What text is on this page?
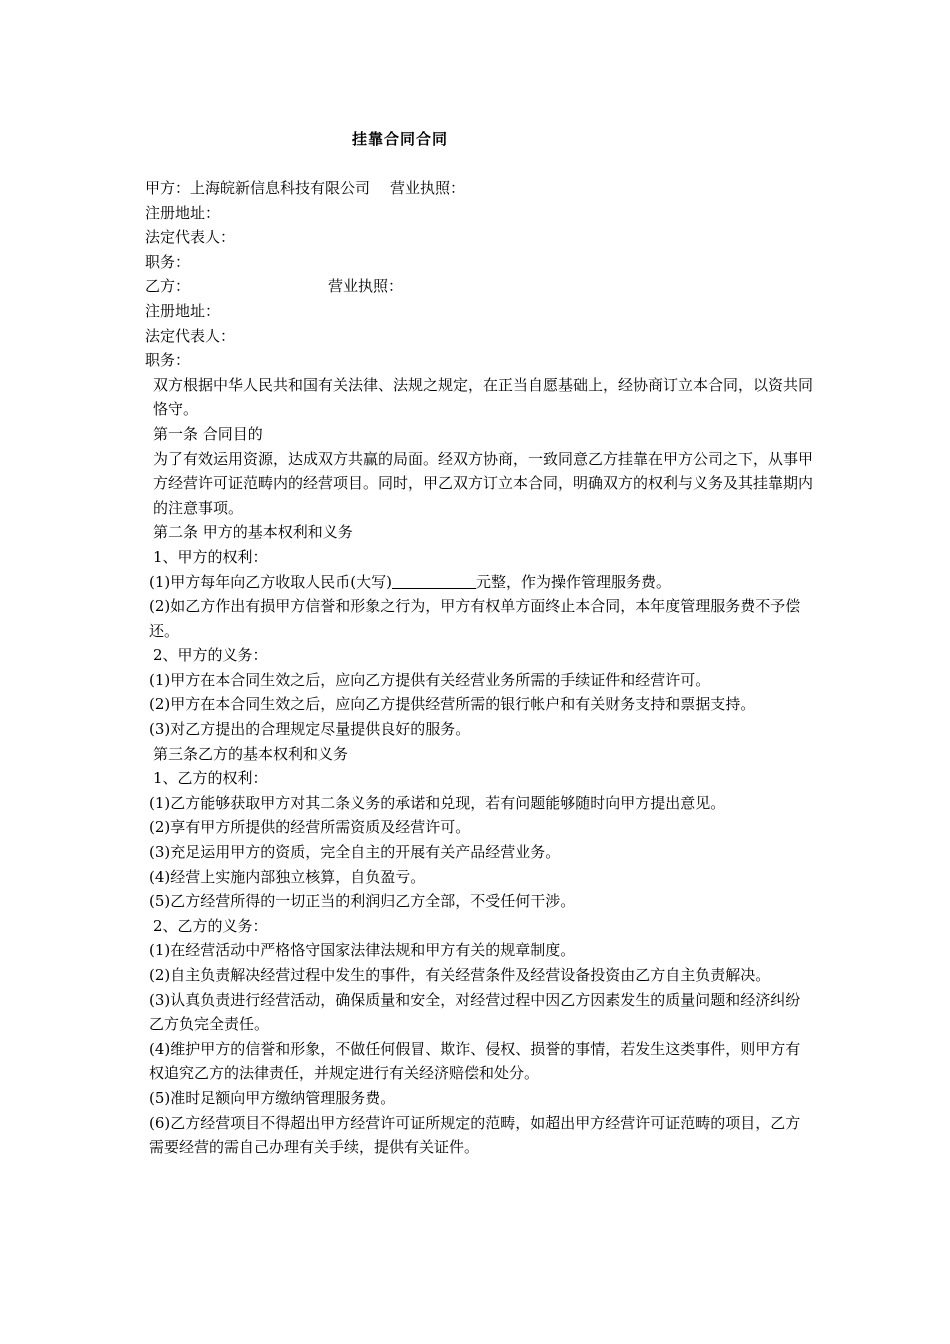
挂靠合同合同
甲方：上海皖新信息科技有限公司 营业执照：
注册地址：
法定代表人：
职务：
乙方：	营业执照：
注册地址：
法定代表人：
职务：
双方根据中华人民共和国有关法律、法规之规定，在正当自愿基础上，经协商订立本合同，以资共同恪守。
第一条 合同目的
为了有效运用资源，达成双方共赢的局面。经双方协商，一致同意乙方挂靠在甲方公司之下，从事甲方经营许可证范畴内的经营项目。同时，甲乙双方订立本合同，明确双方的权利与义务及其挂靠期内的注意事项。
第二条 甲方的基本权利和义务
1、甲方的权利：
(1)甲方每年向乙方收取人民币(大写)	元整，作为操作管理服务费。
(2)如乙方作出有损甲方信誉和形象之行为，甲方有权单方面终止本合同，本年度管理服务费不予偿还。
2、甲方的义务：
(1)甲方在本合同生效之后，应向乙方提供有关经营业务所需的手续证件和经营许可。
(2)甲方在本合同生效之后，应向乙方提供经营所需的银行帐户和有关财务支持和票据支持。
(3)对乙方提出的合理规定尽量提供良好的服务。
第三条乙方的基本权利和义务
1、乙方的权利：
(1)乙方能够获取甲方对其二条义务的承诺和兑现，若有问题能够随时向甲方提出意见。
(2)享有甲方所提供的经营所需资质及经营许可。
(3)充足运用甲方的资质，完全自主的开展有关产品经营业务。
(4)经营上实施内部独立核算，自负盈亏。
(5)乙方经营所得的一切正当的利润归乙方全部，不受任何干涉。
2、乙方的义务：
(1)在经营活动中严格恪守国家法律法规和甲方有关的规章制度。
(2)自主负责解决经营过程中发生的事件，有关经营条件及经营设备投资由乙方自主负责解决。
(3)认真负责进行经营活动，确保质量和安全，对经营过程中因乙方因素发生的质量问题和经济纠纷乙方负完全责任。
(4)维护甲方的信誉和形象，不做任何假冒、欺诈、侵权、损誉的事情，若发生这类事件，则甲方有权追究乙方的法律责任，并规定进行有关经济赔偿和处分。
(5)准时足额向甲方缴纳管理服务费。
(6)乙方经营项目不得超出甲方经营许可证所规定的范畴，如超出甲方经营许可证范畴的项目，乙方需要经营的需自己办理有关手续，提供有关证件。
